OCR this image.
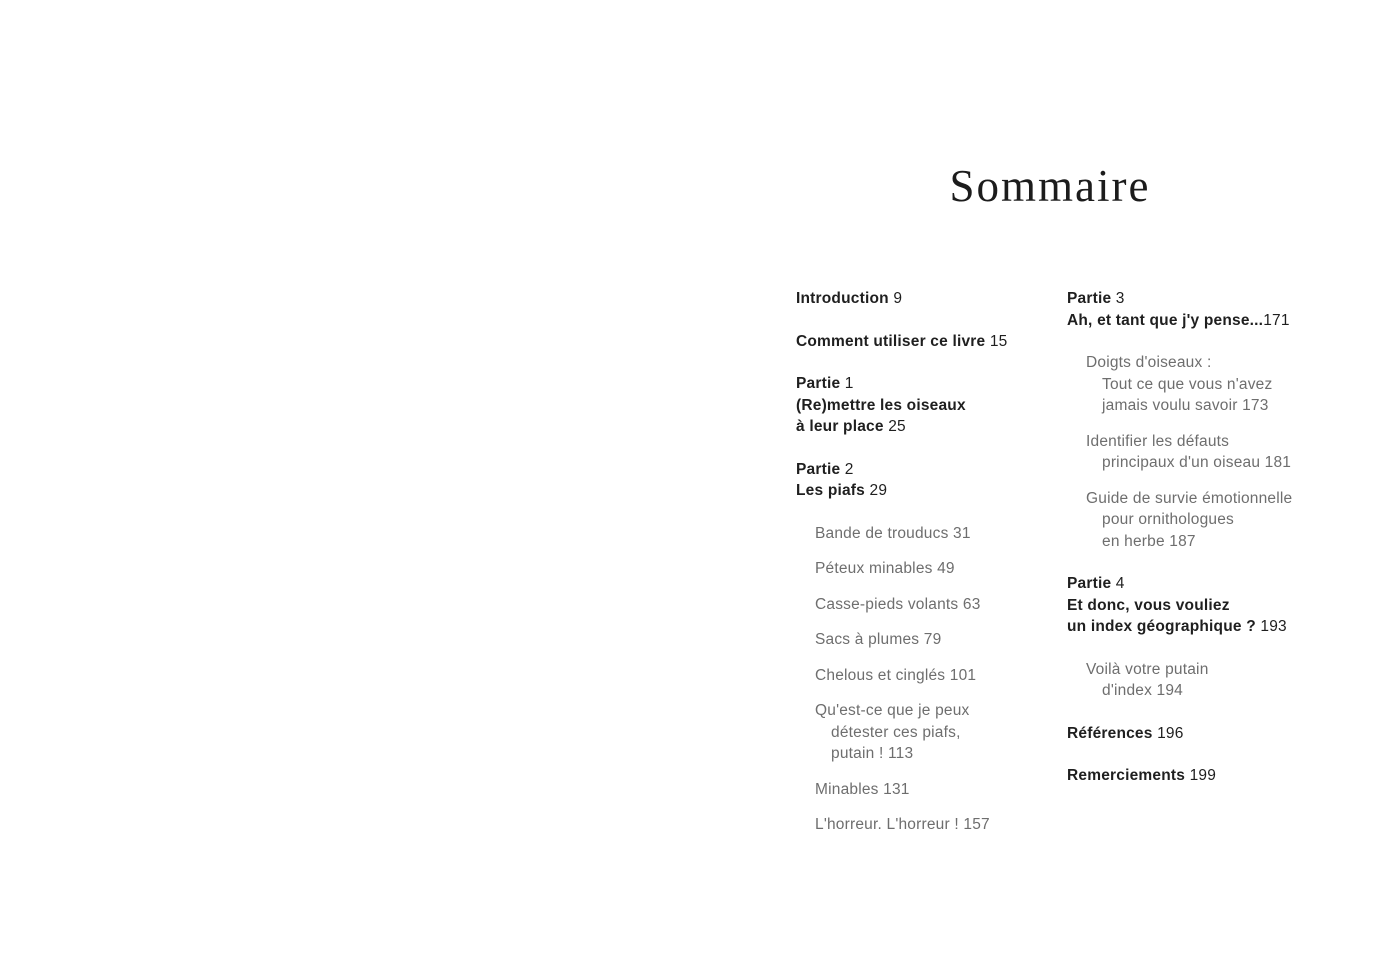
Sommaire
Introduction 9
Comment utiliser ce livre 15
Partie 1
(Re)mettre les oiseaux
à leur place 25
Partie 2
Les piafs 29
Bande de trouducs 31
Péteux minables 49
Casse-pieds volants 63
Sacs à plumes 79
Chelous et cinglés 101
Qu'est-ce que je peux
détester ces piafs,
putain ! 113
Minables 131
L'horreur. L'horreur ! 157
Partie 3
Ah, et tant que j'y pense...171
Doigts d'oiseaux :
Tout ce que vous n'avez
jamais voulu savoir 173
Identifier les défauts
principaux d'un oiseau 181
Guide de survie émotionnelle
pour ornithologues
en herbe 187
Partie 4
Et donc, vous vouliez
un index géographique ? 193
Voilà votre putain
d'index 194
Références 196
Remerciements 199
